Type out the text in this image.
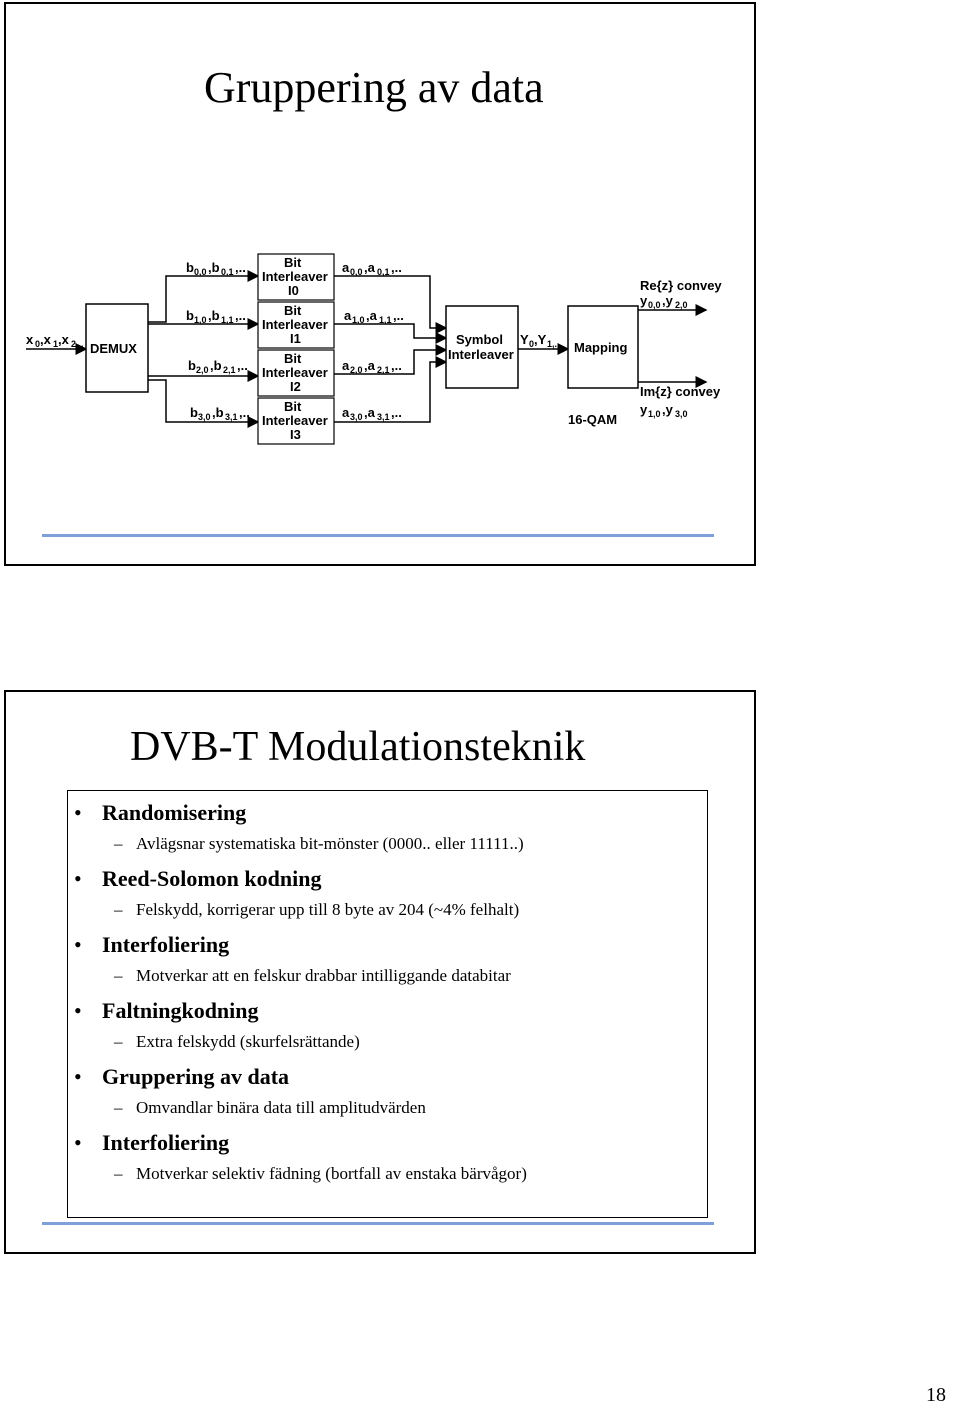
Gruppering av data
x 0 ,x 1 ,x 2,.. DEMUX
b 0,0 ,b 0,1 ,..
b 1,0 ,b 1,1 ,..
b 2,0 ,b 2,1 ,..
b 3,0 ,b 3,1 ,..
Bit
Interleaver
I0
Bit
Interleaver
I1
Bit
Interleaver
I2
Bit
Interleaver
I3
a 0,0 ,a 0,1 ,..
a 1,0 ,a 1,1 ,..
a 2,0 ,a 2,1 ,..
a 3,0 ,a 3,1 ,..
Symbol
Interleaver
Y 0 ,Y 1,.. Mapping
16-QAM
Re{z} convey
y 0,0 ,y 2,0
Im{z} convey
y 1,0 ,y 3,0
DVB-T Modulationsteknik
• Randomisering
– Avlägsnar systematiska bit-mönster (0000.. eller 11111..)
• Reed-Solomon kodning
– Felskydd, korrigerar upp till 8 byte av 204 (~4% felhalt)
• Interfoliering
– Motverkar att en felskur drabbar intilliggande databitar
• Faltningkodning
– Extra felskydd (skurfelsrättande)
• Gruppering av data
– Omvandlar binära data till amplitudvärden
• Interfoliering
– Motverkar selektiv fädning (bortfall av enstaka bärvågor)
18
